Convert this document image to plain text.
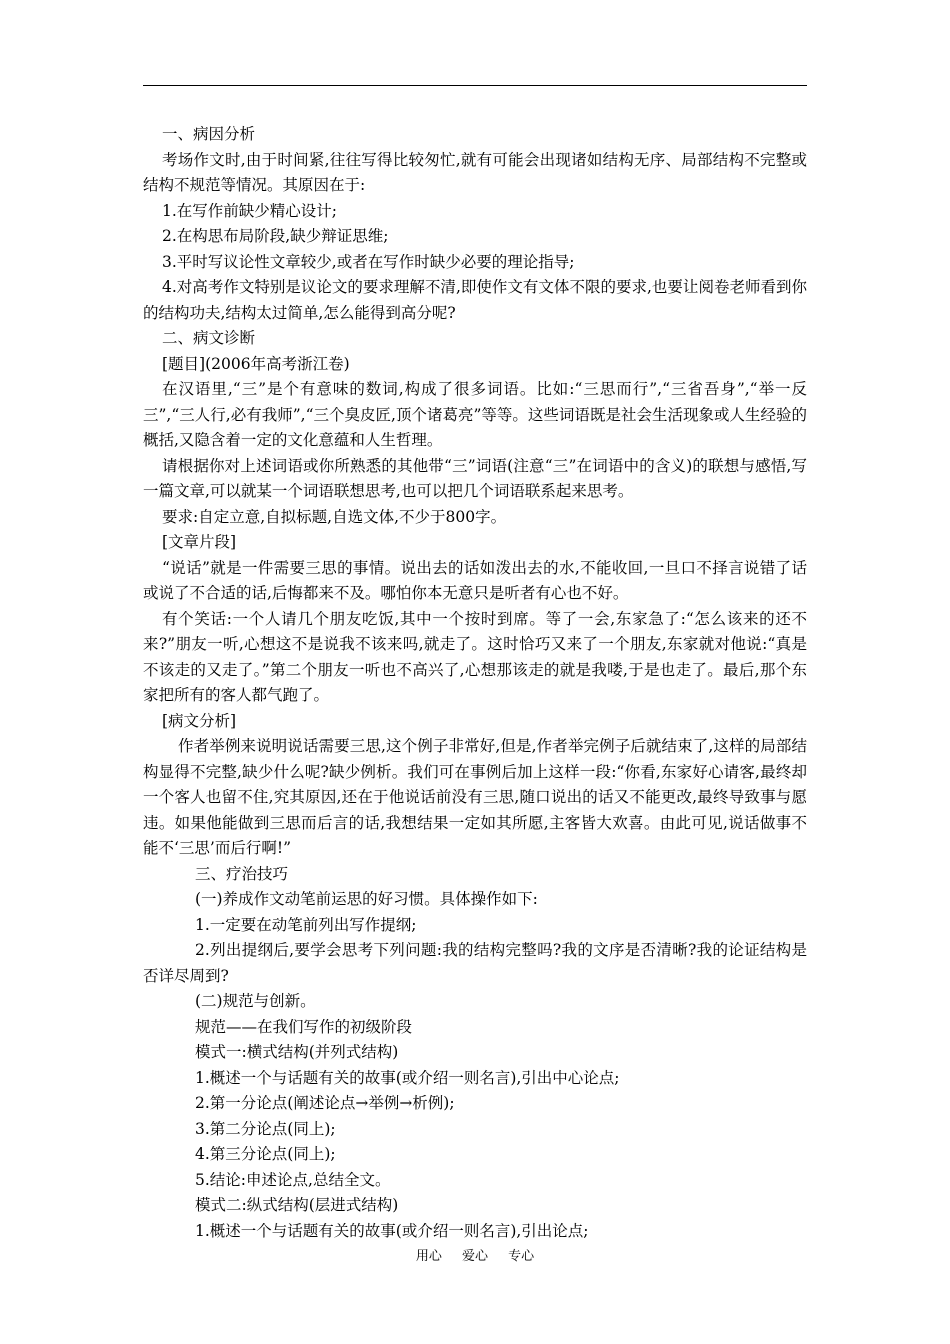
一、病因分析

考场作文时,由于时间紧,往往写得比较匆忙,就有可能会出现诸如结构无序、局部结构不完整或结构不规范等情况。其原因在于:

1.在写作前缺少精心设计;

2.在构思布局阶段,缺少辩证思维;

3.平时写议论性文章较少,或者在写作时缺少必要的理论指导;

4.对高考作文特别是议论文的要求理解不清,即使作文有文体不限的要求,也要让阅卷老师看到你的结构功夫,结构太过简单,怎么能得到高分呢?

二、病文诊断

[题目](2006年高考浙江卷)

在汉语里,“三”是个有意味的数词,构成了很多词语。比如:“三思而行”,“三省吾身”,“举一反三”,“三人行,必有我师”,“三个臭皮匠,顶个诸葛亮”等等。这些词语既是社会生活现象或人生经验的概括,又隐含着一定的文化意蕴和人生哲理。

请根据你对上述词语或你所熟悉的其他带“三”词语(注意“三”在词语中的含义)的联想与感悟,写一篇文章,可以就某一个词语联想思考,也可以把几个词语联系起来思考。

要求:自定立意,自拟标题,自选文体,不少于800字。

[文章片段]

“说话”就是一件需要三思的事情。说出去的话如泼出去的水,不能收回,一旦口不择言说错了话或说了不合适的话,后悔都来不及。哪怕你本无意只是听者有心也不好。

有个笑话:一个人请几个朋友吃饭,其中一个按时到席。等了一会,东家急了:“怎么该来的还不来?”朋友一听,心想这不是说我不该来吗,就走了。这时恰巧又来了一个朋友,东家就对他说:“真是不该走的又走了。”第二个朋友一听也不高兴了,心想那该走的就是我喽,于是也走了。最后,那个东家把所有的客人都气跑了。

[病文分析]

作者举例来说明说话需要三思,这个例子非常好,但是,作者举完例子后就结束了,这样的局部结构显得不完整,缺少什么呢?缺少例析。我们可在事例后加上这样一段:“你看,东家好心请客,最终却一个客人也留不住,究其原因,还在于他说话前没有三思,随口说出的话又不能更改,最终导致事与愿违。如果他能做到三思而后言的话,我想结果一定如其所愿,主客皆大欢喜。由此可见,说话做事不能不‘三思’而后行啊!”

三、疗治技巧

(一)养成作文动笔前运思的好习惯。具体操作如下:

1.一定要在动笔前列出写作提纲;

2.列出提纲后,要学会思考下列问题:我的结构完整吗?我的文序是否清晰?我的论证结构是否详尽周到?

(二)规范与创新。

规范——在我们写作的初级阶段

模式一:横式结构(并列式结构)

1.概述一个与话题有关的故事(或介绍一则名言),引出中心论点;

2.第一分论点(阐述论点→举例→析例);

3.第二分论点(同上);

4.第三分论点(同上);

5.结论:申述论点,总结全文。

模式二:纵式结构(层进式结构)

1.概述一个与话题有关的故事(或介绍一则名言),引出论点;

用心 爱心 专心
